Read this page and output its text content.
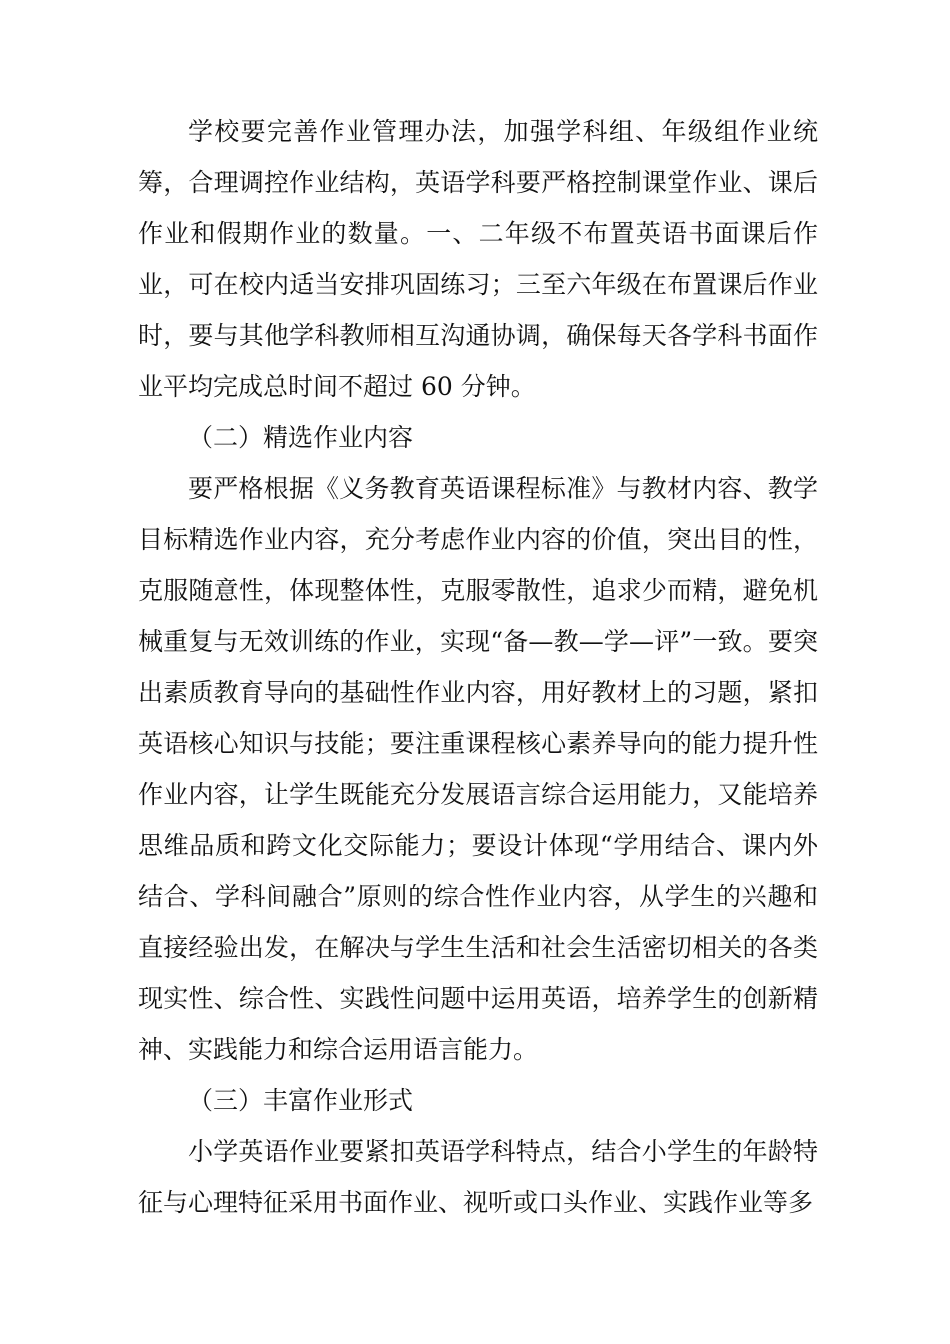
学校要完善作业管理办法，加强学科组、年级组作业统筹，合理调控作业结构，英语学科要严格控制课堂作业、课后作业和假期作业的数量。一、二年级不布置英语书面课后作业，可在校内适当安排巩固练习；三至六年级在布置课后作业时，要与其他学科教师相互沟通协调，确保每天各学科书面作业平均完成总时间不超过 60 分钟。

（二）精选作业内容

要严格根据《义务教育英语课程标准》与教材内容、教学目标精选作业内容，充分考虑作业内容的价值，突出目的性，克服随意性，体现整体性，克服零散性，追求少而精，避免机械重复与无效训练的作业，实现“备—教—学—评”一致。要突出素质教育导向的基础性作业内容，用好教材上的习题，紧扣英语核心知识与技能；要注重课程核心素养导向的能力提升性作业内容，让学生既能充分发展语言综合运用能力，又能培养思维品质和跨文化交际能力；要设计体现“学用结合、课内外结合、学科间融合”原则的综合性作业内容，从学生的兴趣和直接经验出发，在解决与学生生活和社会生活密切相关的各类现实性、综合性、实践性问题中运用英语，培养学生的创新精神、实践能力和综合运用语言能力。

（三）丰富作业形式

小学英语作业要紧扣英语学科特点，结合小学生的年龄特征与心理特征采用书面作业、视听或口头作业、实践作业等多
